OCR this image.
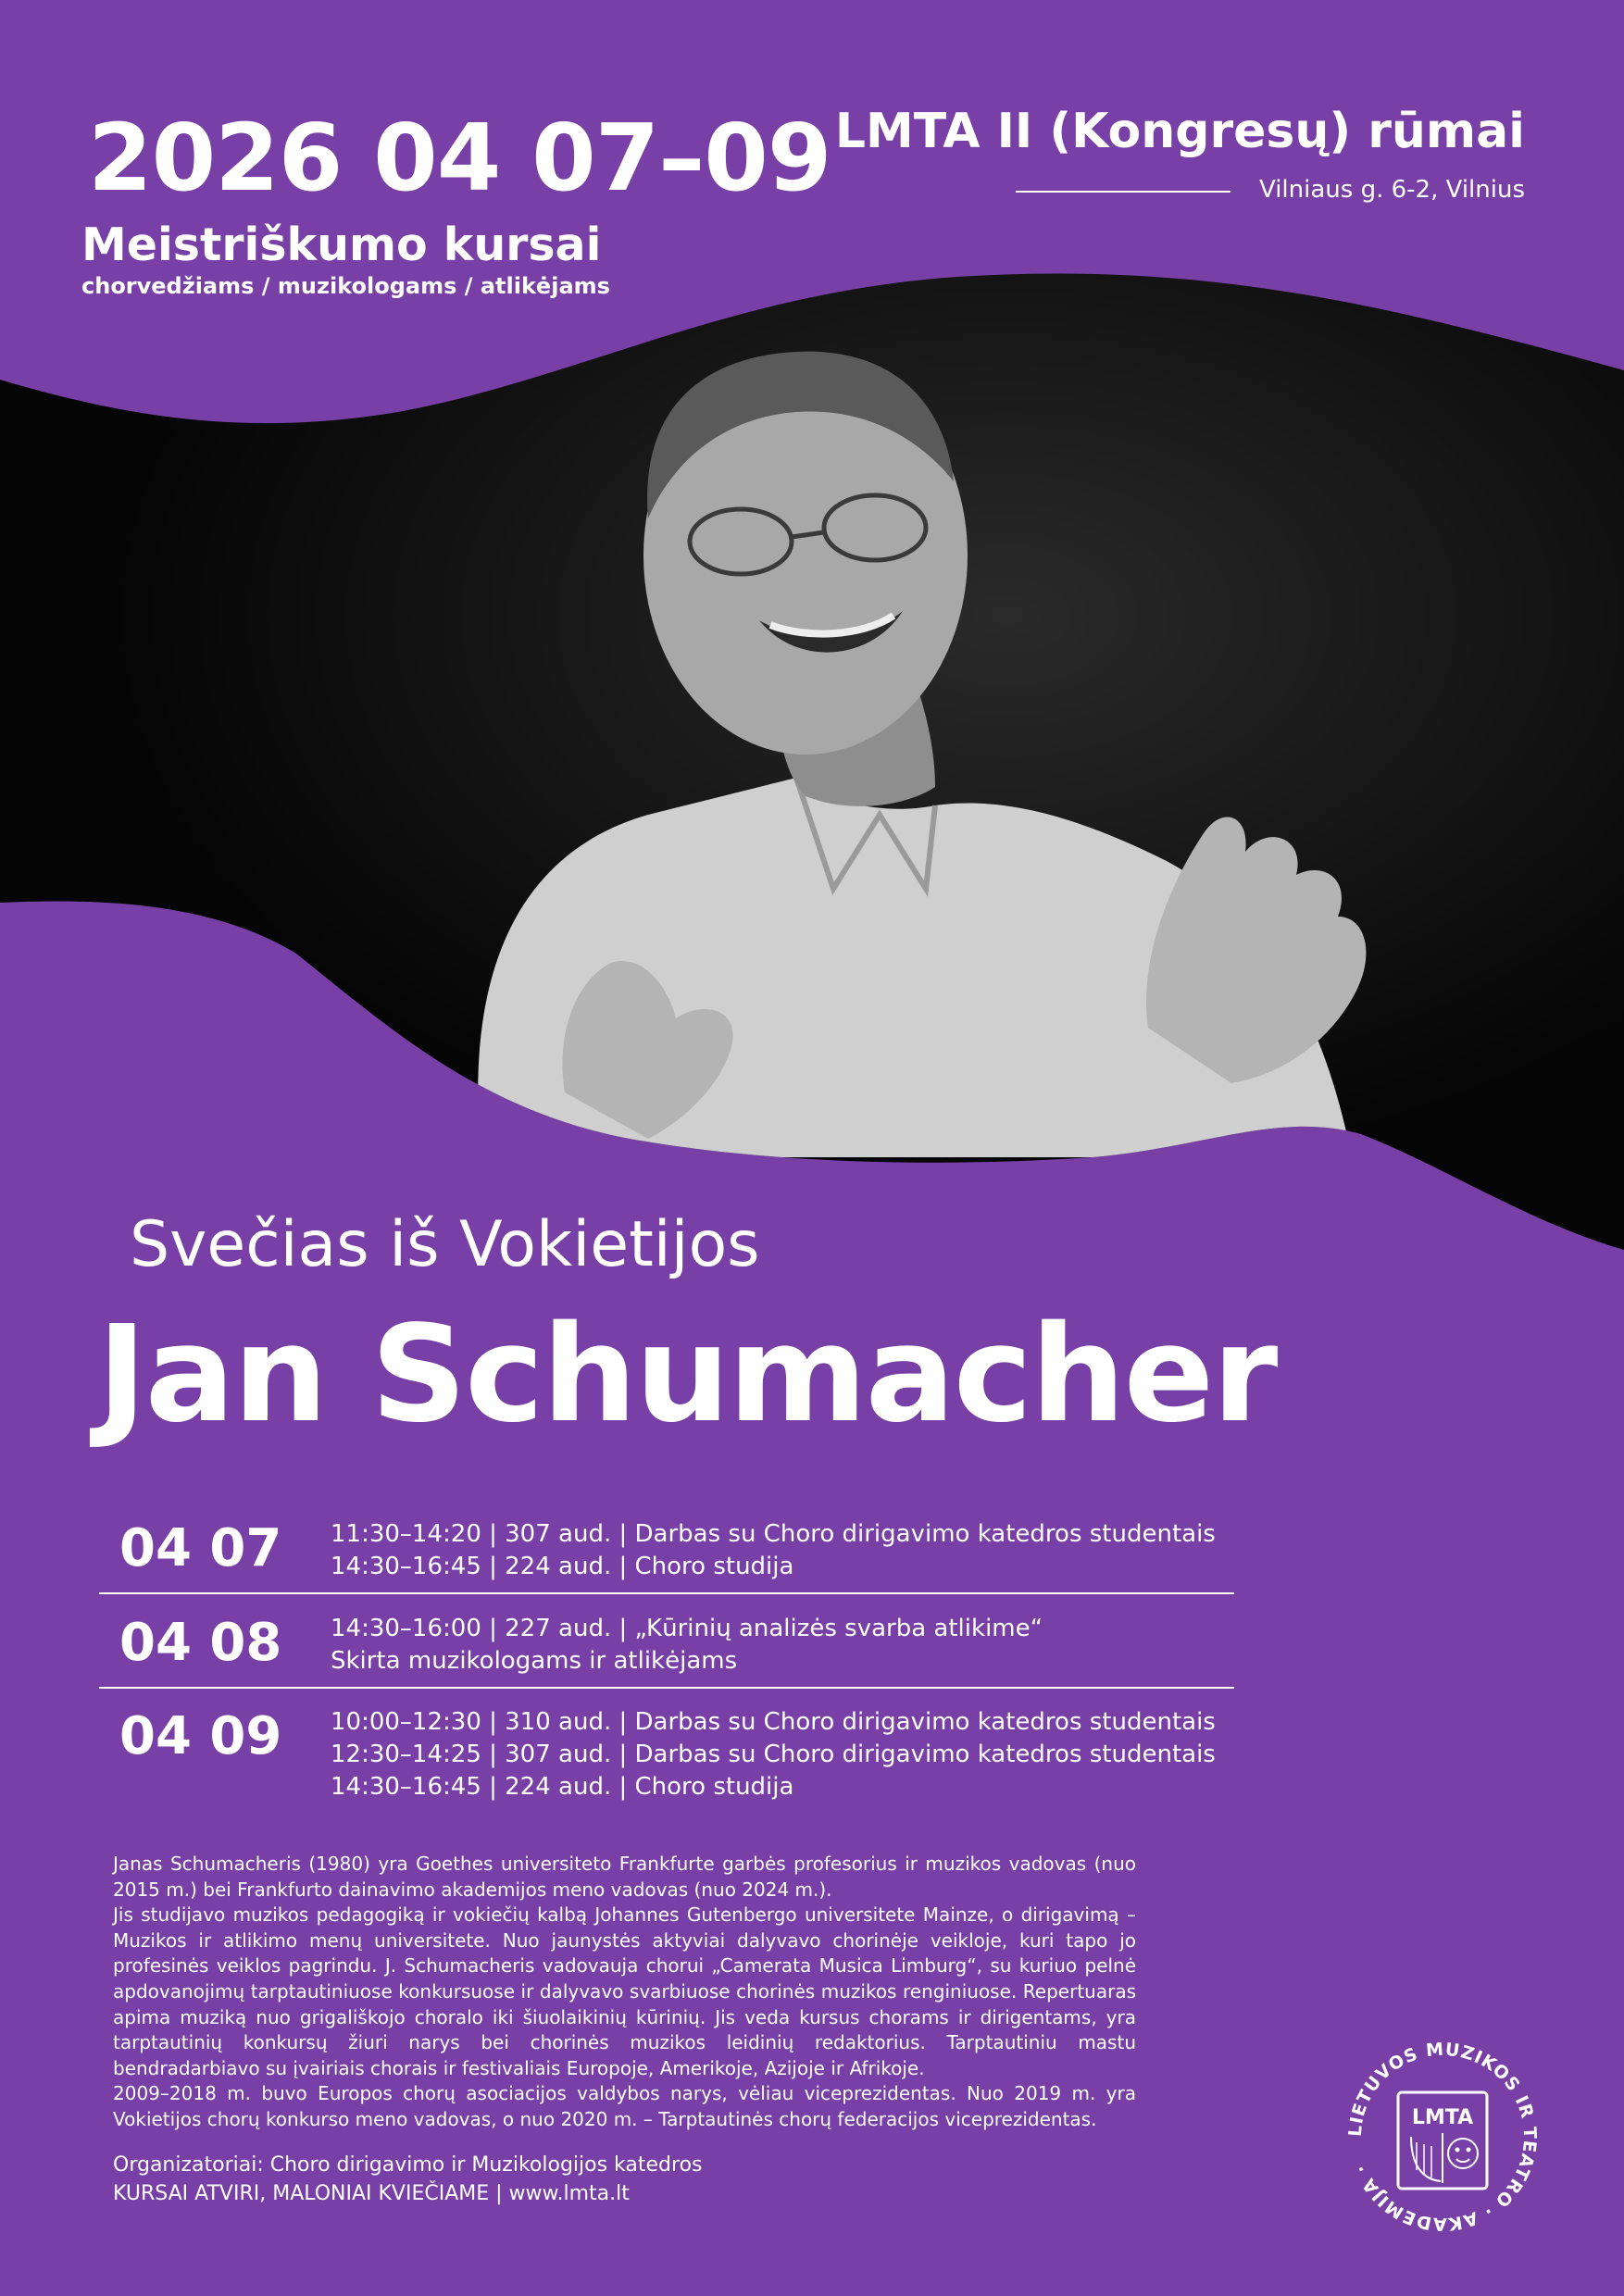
2026 04 07–09
Meistriškumo kursai
chorvedžiams / muzikologams / atlikėjams
LMTA II (Kongresų) rūmai
Vilniaus g. 6-2, Vilnius
Svečias iš Vokietijos
Jan Schumacher
04 07 11:30–14:20 | 307 aud. | Darbas su Choro dirigavimo katedros studentais
14:30–16:45 | 224 aud. | Choro studija
04 08 14:30–16:00 | 227 aud. | „Kūrinių analizės svarba atlikime“
Skirta muzikologams ir atlikėjams
04 09 10:00–12:30 | 310 aud. | Darbas su Choro dirigavimo katedros studentais
12:30–14:25 | 307 aud. | Darbas su Choro dirigavimo katedros studentais
14:30–16:45 | 224 aud. | Choro studija

Janas Schumacheris (1980) yra Goethes universiteto Frankfurte garbės profesorius ir muzikos vadovas (nuo 2015 m.) bei Frankfurto dainavimo akademijos meno vadovas (nuo 2024 m.).

Jis studijavo muzikos pedagogiką ir vokiečių kalbą Johannes Gutenbergo universitete Mainze, o dirigavimą – Muzikos ir atlikimo menų universitete. Nuo jaunystės aktyviai dalyvavo chorinėje veikloje, kuri tapo jo profesinės veiklos pagrindu. J. Schumacheris vadovauja chorui „Camerata Musica Limburg“, su kuriuo pelnė apdovanojimų tarptautiniuose konkursuose ir dalyvavo svarbiuose chorinės muzikos renginiuose. Repertuaras apima muziką nuo grigališkojo choralo iki šiuolaikinių kūrinių. Jis veda kursus chorams ir dirigentams, yra tarptautinių konkursų žiuri narys bei chorinės muzikos leidinių redaktorius. Tarptautiniu mastu bendradarbiavo su įvairiais chorais ir festivaliais Europoje, Amerikoje, Azijoje ir Afrikoje.

2009–2018 m. buvo Europos chorų asociacijos valdybos narys, vėliau viceprezidentas. Nuo 2019 m. yra Vokietijos chorų konkurso meno vadovas, o nuo 2020 m. – Tarptautinės chorų federacijos viceprezidentas.

Organizatoriai: Choro dirigavimo ir Muzikologijos katedros
KURSAI ATVIRI, MALONIAI KVIEČIAME | www.lmta.lt
LIETUVOS MUZIKOS IR TEATRO · AKADEMIJA ·
LMTA
